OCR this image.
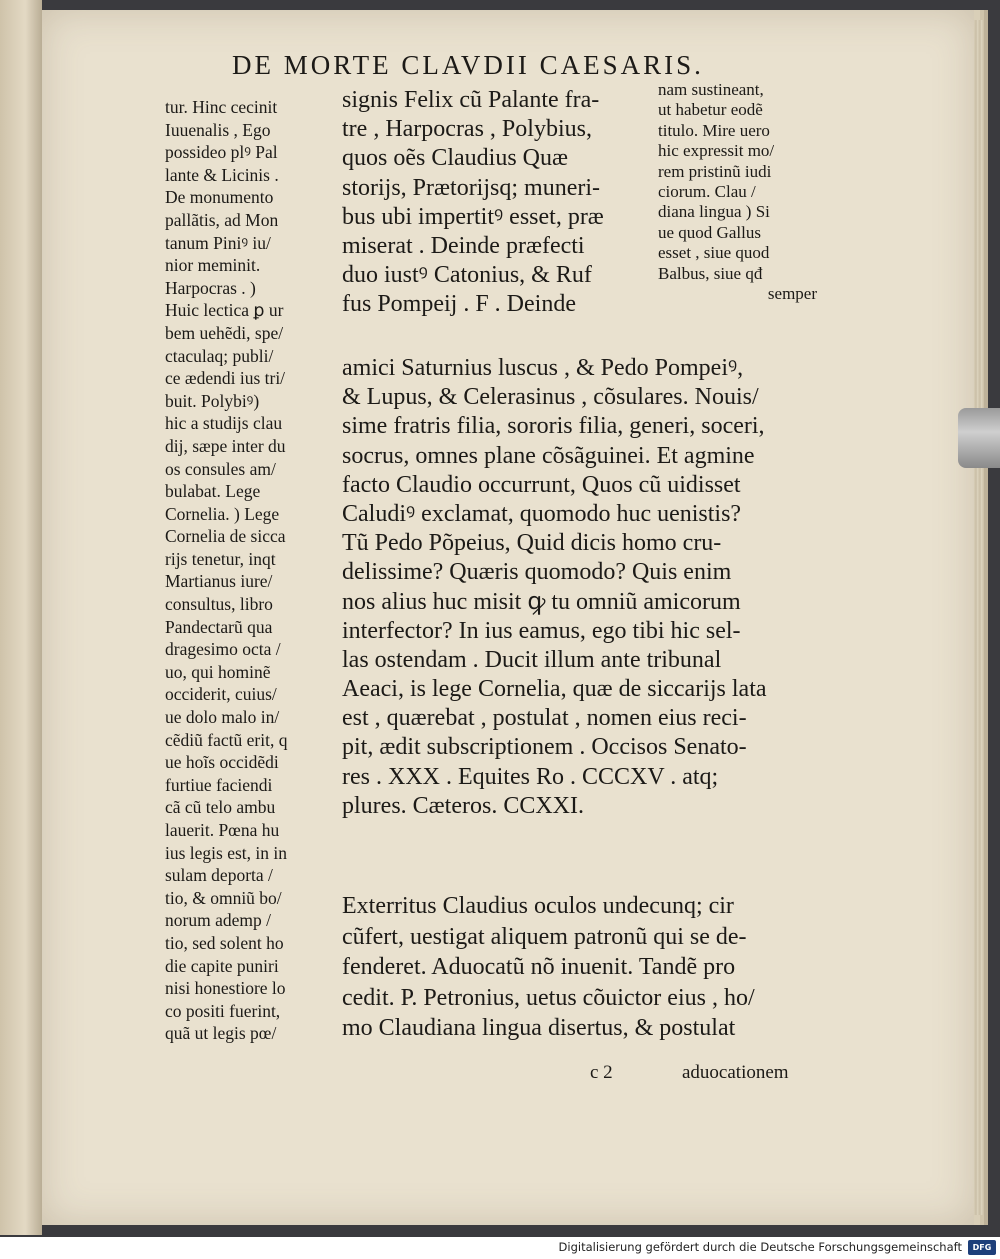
DE MORTE CLAVDII CAESARIS.
tur. Hinc cecinit
Iuuenalis , Ego
possideo plꝰ Pal
lante & Licinis .
De monumento
pallãtis, ad Mon
tanum Piniꝰ iu/
nior meminit.
Harpocras . )
Huic lectica ꝑ ur
bem uehẽdi, spe/
ctaculaq; publi/
ce ædendi ius tri/
buit. Polybiꝰ)
hic a studijs clau
dij, sæpe inter du
os consules am/
bulabat. Lege
Cornelia. ) Lege
Cornelia de sicca
rijs tenetur, inqt
Martianus iure/
consultus, libro
Pandectarũ qua
dragesimo octa /
uo, qui hominẽ
occiderit, cuius/
ue dolo malo in/
cẽdiũ factũ erit, q
ue hoĩs occidẽdi
furtiue faciendi
cã cũ telo ambu
lauerit. Pœna hu
ius legis est, in in
sulam deporta /
tio, & omniũ bo/
norum ademp /
tio, sed solent ho
die capite puniri
nisi honestiore lo
co positi fuerint,
quã ut legis pœ/
signis Felix cũ Palante fra-
tre , Harpocras , Polybius,
quos oẽs Claudius Quæ
storijs, Prætorijsq; muneri-
bus ubi impertitꝰ esset, præ
miserat . Deinde præfecti
duo iustꝰ Catonius, & Ruf
fus Pompeij . F . Deinde
nam sustineant,
ut habetur eodẽ
titulo. Mire uero
hic expressit mo/
rem pristinũ iudi
ciorum. Clau /
diana lingua ) Si
ue quod Gallus
esset , siue quod
Balbus, siue qđ
semper
amici Saturnius luscus , & Pedo Pompeiꝰ,
& Lupus, & Celerasinus , cõsulares. Nouis/
sime fratris filia, sororis filia, generi, soceri,
socrus, omnes plane cõsãguinei. Et agmine
facto Claudio occurrunt, Quos cũ uidisset
Caludiꝰ exclamat, quomodo huc uenistis?
Tũ Pedo Põpeius, Quid dicis homo cru-
delissime? Quæris quomodo? Quis enim
nos alius huc misit ꝙ tu omniũ amicorum
interfector? In ius eamus, ego tibi hic sel-
las ostendam . Ducit illum ante tribunal
Aeaci, is lege Cornelia, quæ de siccarijs lata
est , quærebat , postulat , nomen eius reci-
pit, ædit subscriptionem . Occisos Senato-
res . XXX . Equites Ro . CCCXV . atq;
plures. Cæteros. CCXXI.
Exterritus Claudius oculos undecunq; cir
cũfert, uestigat aliquem patronũ qui se de-
fenderet. Aduocatũ nõ inuenit. Tandẽ pro
cedit. P. Petronius, uetus cõuictor eius , ho/
mo Claudiana lingua disertus, & postulat
c 2	aduocationem
Digitalisierung gefördert durch die Deutsche Forschungsgemeinschaft	DFG
